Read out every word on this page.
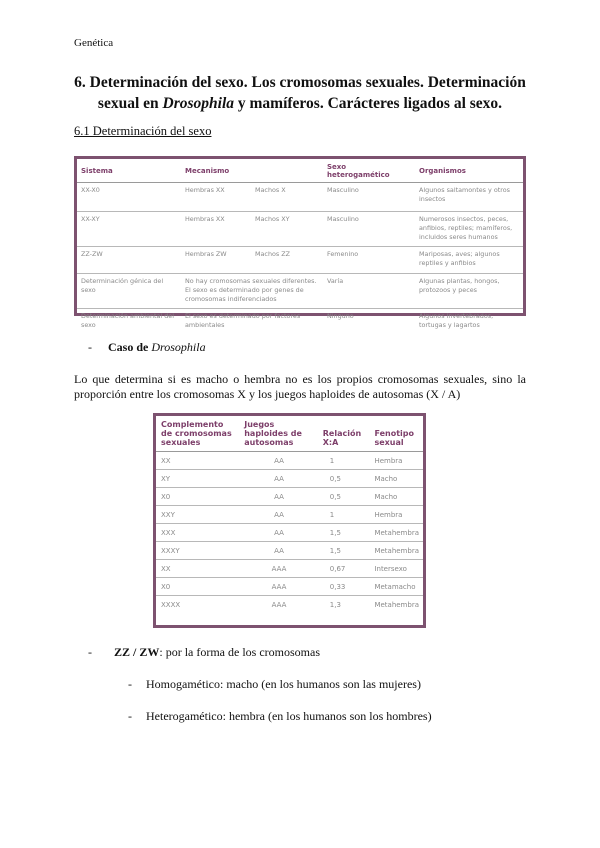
Genética
6. Determinación del sexo. Los cromosomas sexuales. Determinación sexual en Drosophila y mamíferos. Carácteres ligados al sexo.
6.1 Determinación del sexo
Sistema	Mecanismo		Sexo heterogamético	Organismos
XX-X0	Hembras XX	Machos X	Masculino	Algunos saltamontes y otros insectos
XX-XY	Hembras XX	Machos XY	Masculino	Numerosos insectos, peces, anfibios, reptiles; mamíferos, incluidos seres humanos
ZZ-ZW	Hembras ZW	Machos ZZ	Femenino	Mariposas, aves; algunos reptiles y anfibios
Determinación génica del sexo	No hay cromosomas sexuales diferentes. El sexo es determinado por genes de cromosomas indiferenciados		Varía	Algunas plantas, hongos, protozoos y peces
Determinación ambiental del sexo	El sexo es determinado por factores ambientales		Ninguno	Algunos invertebrados, tortugas y lagartos
- Caso de Drosophila
Lo que determina si es macho o hembra no es los propios cromosomas sexuales, sino la proporción entre los cromosomas X y los juegos haploides de autosomas (X / A)
Complemento de cromosomas sexuales	Juegos haploides de autosomas	Relación X:A	Fenotipo sexual
XX	AA	1	Hembra
XY	AA	0,5	Macho
X0	AA	0,5	Macho
XXY	AA	1	Hembra
XXX	AA	1,5	Metahembra
XXXY	AA	1,5	Metahembra
XX	AAA	0,67	Intersexo
X0	AAA	0,33	Metamacho
XXXX	AAA	1,3	Metahembra
- ZZ / ZW: por la forma de los cromosomas
- Homogamético: macho (en los humanos son las mujeres)
- Heterogamético: hembra (en los humanos son los hombres)
